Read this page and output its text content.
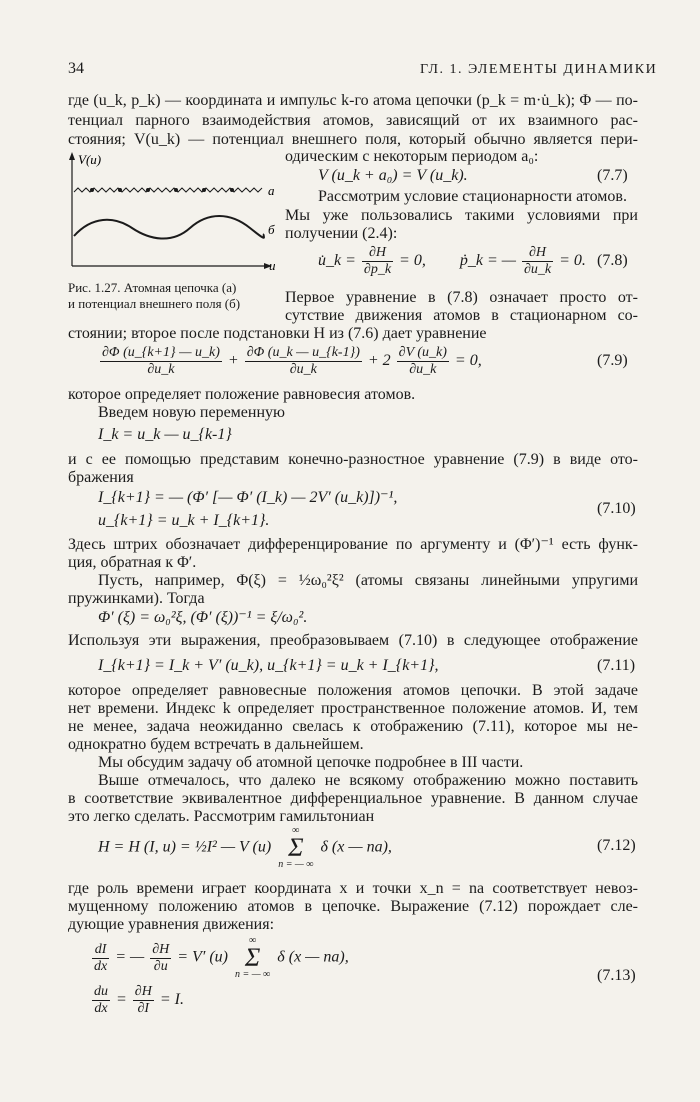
34	ГЛ. 1. ЭЛЕМЕНТЫ ДИНАМИКИ
где (u_k, p_k) — координата и импульс k-го атома цепочки (p_k = m·u̇_k); Φ — по-
тенциал парного взаимодействия атомов, зависящий от их взаимного рас-
стояния; V(u_k) — потенциал внешнего поля, который обычно является пери-
одическим с некоторым периодом a₀:
V (u_k + a₀) = V (u_k).	(7.7)
V(u)
а
б
u
Рис. 1.27. Атомная цепочка (а)
и потенциал внешнего поля (б)
Рассмотрим условие стационарности атомов.
Мы уже пользовались такими условиями при
получении (2.4):
u̇_k = $\frac{\partial H}{\partial p\_k} = 0$, ṗ_k = — $\frac{\partial H}{\partial u\_k} = 0$. (7.8)
Первое уравнение в (7.8) означает просто от-
сутствие движения атомов в стационарном со-
стоянии; второе после подстановки H из (7.6) дает уравнение
$\frac{\partial\Phi (u\_\{k+1\} — u\_k)}{\partial u\_k} + \frac{\partial\Phi (u\_k — u\_\{k-1\})}{\partial u\_k} + 2 \frac{\partial V (u\_k)}{\partial u\_k} = 0$,	(7.9)
которое определяет положение равновесия атомов.
Введем новую переменную
I_k = u_k — u_{k-1}
и с ее помощью представим конечно-разностное уравнение (7.9) в виде ото-
бражения
I_{k+1} = — (Φ′ [— Φ′ (I_k) — 2V′ (u_k)])⁻¹,
u_{k+1} = u_k + I_{k+1}.
(7.10)
Здесь штрих обозначает дифференцирование по аргументу и (Φ′)⁻¹ есть функ-
ция, обратная к Φ′.
Пусть, например, Φ(ξ) = ½ω₀²ξ² (атомы связаны линейными упругими
пружинками). Тогда
Φ′ (ξ) = ω₀²ξ, (Φ′ (ξ))⁻¹ = ξ/ω₀².
Используя эти выражения, преобразовываем (7.10) в следующее отображение
I_{k+1} = I_k + V′ (u_k), u_{k+1} = u_k + I_{k+1},	(7.11)
которое определяет равновесные положения атомов цепочки. В этой задаче
нет времени. Индекс k определяет пространственное положение атомов. И, тем
не менее, задача неожиданно свелась к отображению (7.11), которое мы не-
однократно будем встречать в дальнейшем.
Мы обсудим задачу об атомной цепочке подробнее в III части.
Выше отмечалось, что далеко не всякому отображению можно поставить
в соответствие эквивалентное дифференциальное уравнение. В данном случае
это легко сделать. Рассмотрим гамильтониан
H = H (I, u) = ½I² — V (u) ∞
Σ
n = — ∞ δ (x — na),	(7.12)
где роль времени играет координата x и точки x_n = na соответствует невоз-
мущенному положению атомов в цепочке. Выражение (7.12) порождает сле-
дующие уравнения движения:
$\frac{dI}{dx}$ = — $\frac{\partial H}{\partial u} = V'$ (u) ∞
Σ
n = — ∞ δ (x — na),
$\frac{du}{dx} = \frac{\partial H}{\partial I} = I$.
(7.13)
